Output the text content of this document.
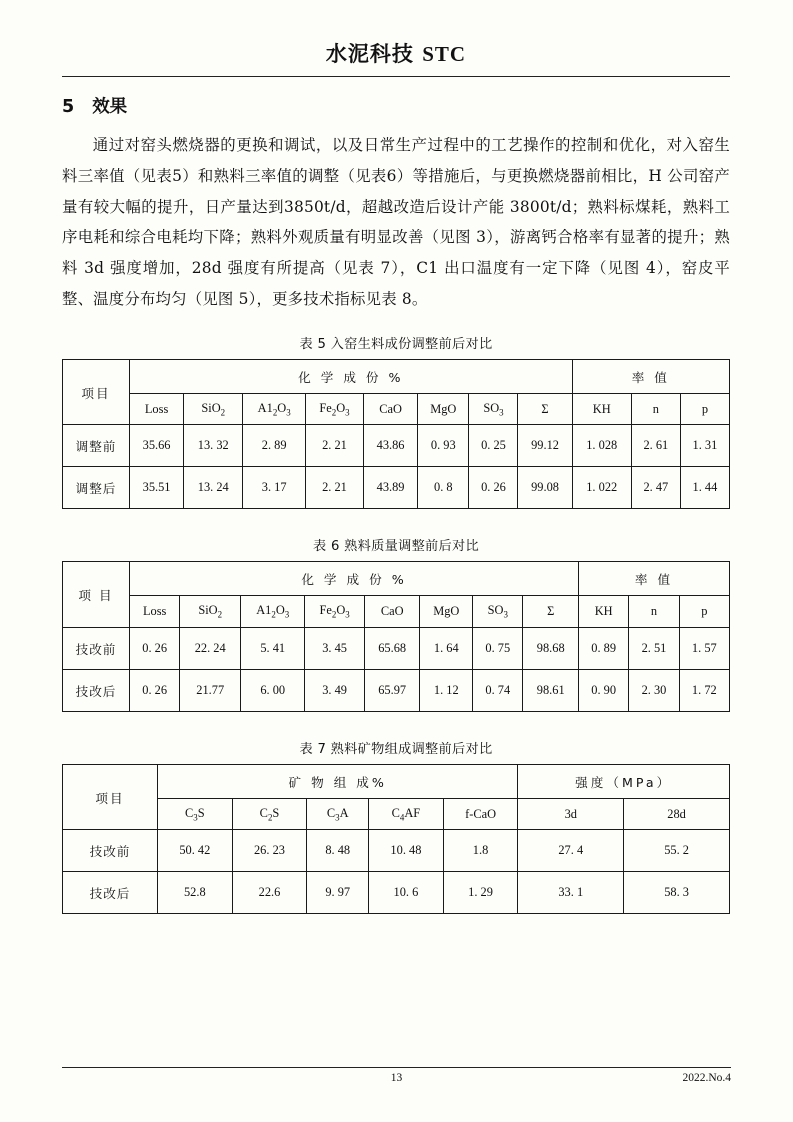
水泥科技 STC
5 效果
通过对窑头燃烧器的更换和调试，以及日常生产过程中的工艺操作的控制和优化，对入窑生料三率值（见表5）和熟料三率值的调整（见表6）等措施后，与更换燃烧器前相比，H 公司窑产量有较大幅的提升，日产量达到3850t/d，超越改造后设计产能 3800t/d；熟料标煤耗，熟料工序电耗和综合电耗均下降；熟料外观质量有明显改善（见图 3），游离钙合格率有显著的提升；熟料 3d 强度增加，28d 强度有所提高（见表 7），C1 出口温度有一定下降（见图 4），窑皮平整、温度分布均匀（见图 5），更多技术指标见表 8。
表 5 入窑生料成份调整前后对比
项目	化 学 成 份 %								率 值		
	Loss	SiO$_2$	$A1_2O_3$	$Fe_2O_3$	CaO	MgO	$SO_3$	Σ	KH	n	p
调整前	35.66	13. 32	2. 89	2. 21	43.86	0. 93	0. 25	99.12	1. 028	2. 61	1. 31
调整后	35.51	13. 24	3. 17	2. 21	43.89	0. 8	0. 26	99.08	1. 022	2. 47	1. 44
表 6 熟料质量调整前后对比
项 目	化 学 成 份 %								率 值		
	Loss	SiO$_2$	$A1_2O_3$	$Fe_2O_3$	CaO	MgO	$SO_3$	Σ	KH	n	p
技改前	0. 26	22. 24	5. 41	3. 45	65.68	1. 64	0. 75	98.68	0. 89	2. 51	1. 57
技改后	0. 26	21.77	6. 00	3. 49	65.97	1. 12	0. 74	98.61	0. 90	2. 30	1. 72
表 7 熟料矿物组成调整前后对比
项目	矿 物 组 成%					强度（MPa）	
	$C_3S$	$C_2S$	$C_3A$	$C_4AF$	f-CaO	3d	28d
技改前	50. 42	26. 23	8. 48	10. 48	1.8	27. 4	55. 2
技改后	52.8	22.6	9. 97	10. 6	1. 29	33. 1	58. 3
13	2022.No.4
